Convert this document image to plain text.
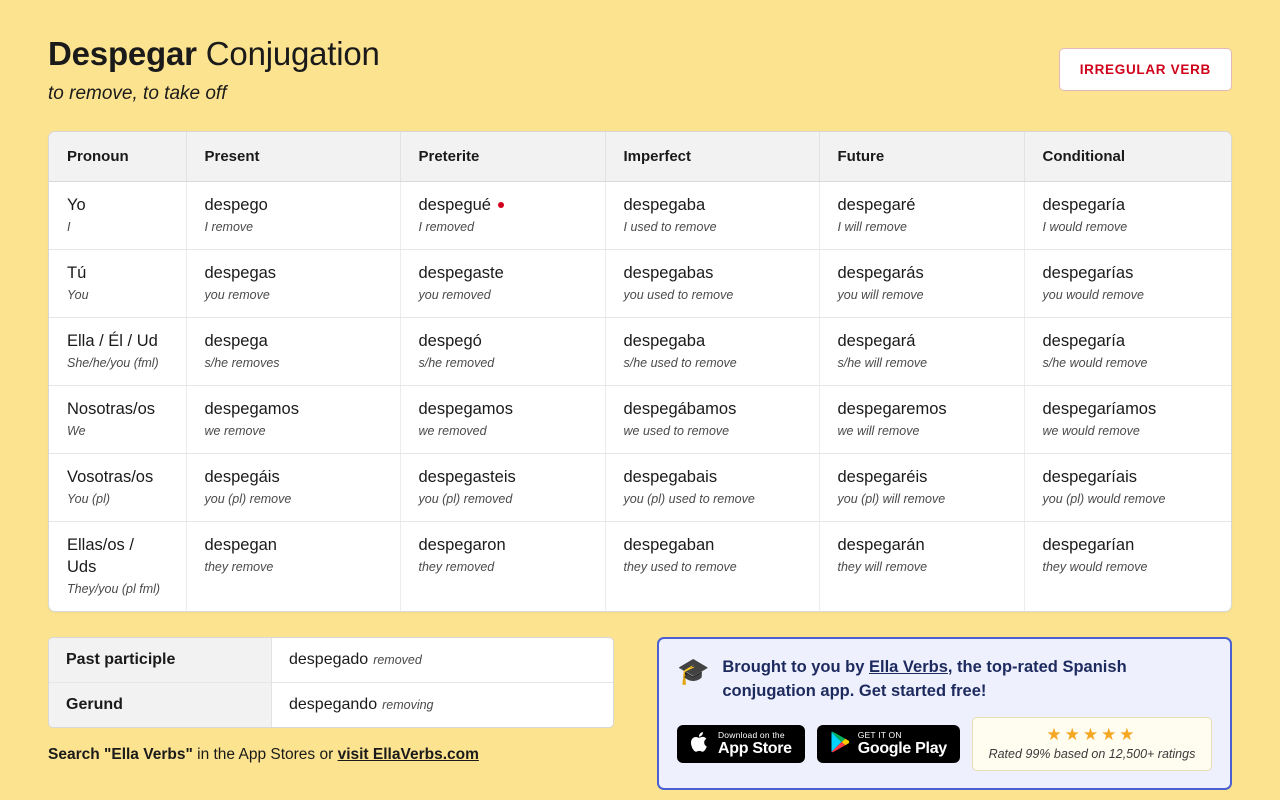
Despegar Conjugation
to remove, to take off
IRREGULAR VERB
Pronoun	Present	Preterite	Imperfect	Future	Conditional

Yo
I
	despego
I remove
	despegué
I removed
	despegaba
I used to remove
	despegaré
I will remove
	despegaría
I would remove

Tú
You
	despegas
you remove
	despegaste
you removed
	despegabas
you used to remove
	despegarás
you will remove
	despegarías
you would remove

Ella / Él / Ud
She/he/you (fml)
	despega
s/he removes
	despegó
s/he removed
	despegaba
s/he used to remove
	despegará
s/he will remove
	despegaría
s/he would remove

Nosotras/os
We
	despegamos
we remove
	despegamos
we removed
	despegábamos
we used to remove
	despegaremos
we will remove
	despegaríamos
we would remove

Vosotras/os
You (pl)
	despegáis
you (pl) remove
	despegasteis
you (pl) removed
	despegabais
you (pl) used to remove
	despegaréis
you (pl) will remove
	despegaríais
you (pl) would remove

Ellas/os / Uds
They/you (pl fml)
	despegan
they remove
	despegaron
they removed
	despegaban
they used to remove
	despegarán
they will remove
	despegarían
they would remove
Past participle	despegado removed
Gerund	despegando removing
Search "Ella Verbs" in the App Stores or visit EllaVerbs.com
🎓 Brought to you by Ella Verbs, the top-rated Spanish conjugation app. Get started free!
Download on the
App Store
GET IT ON
Google Play
★★★★★
Rated 99% based on 12,500+ ratings
